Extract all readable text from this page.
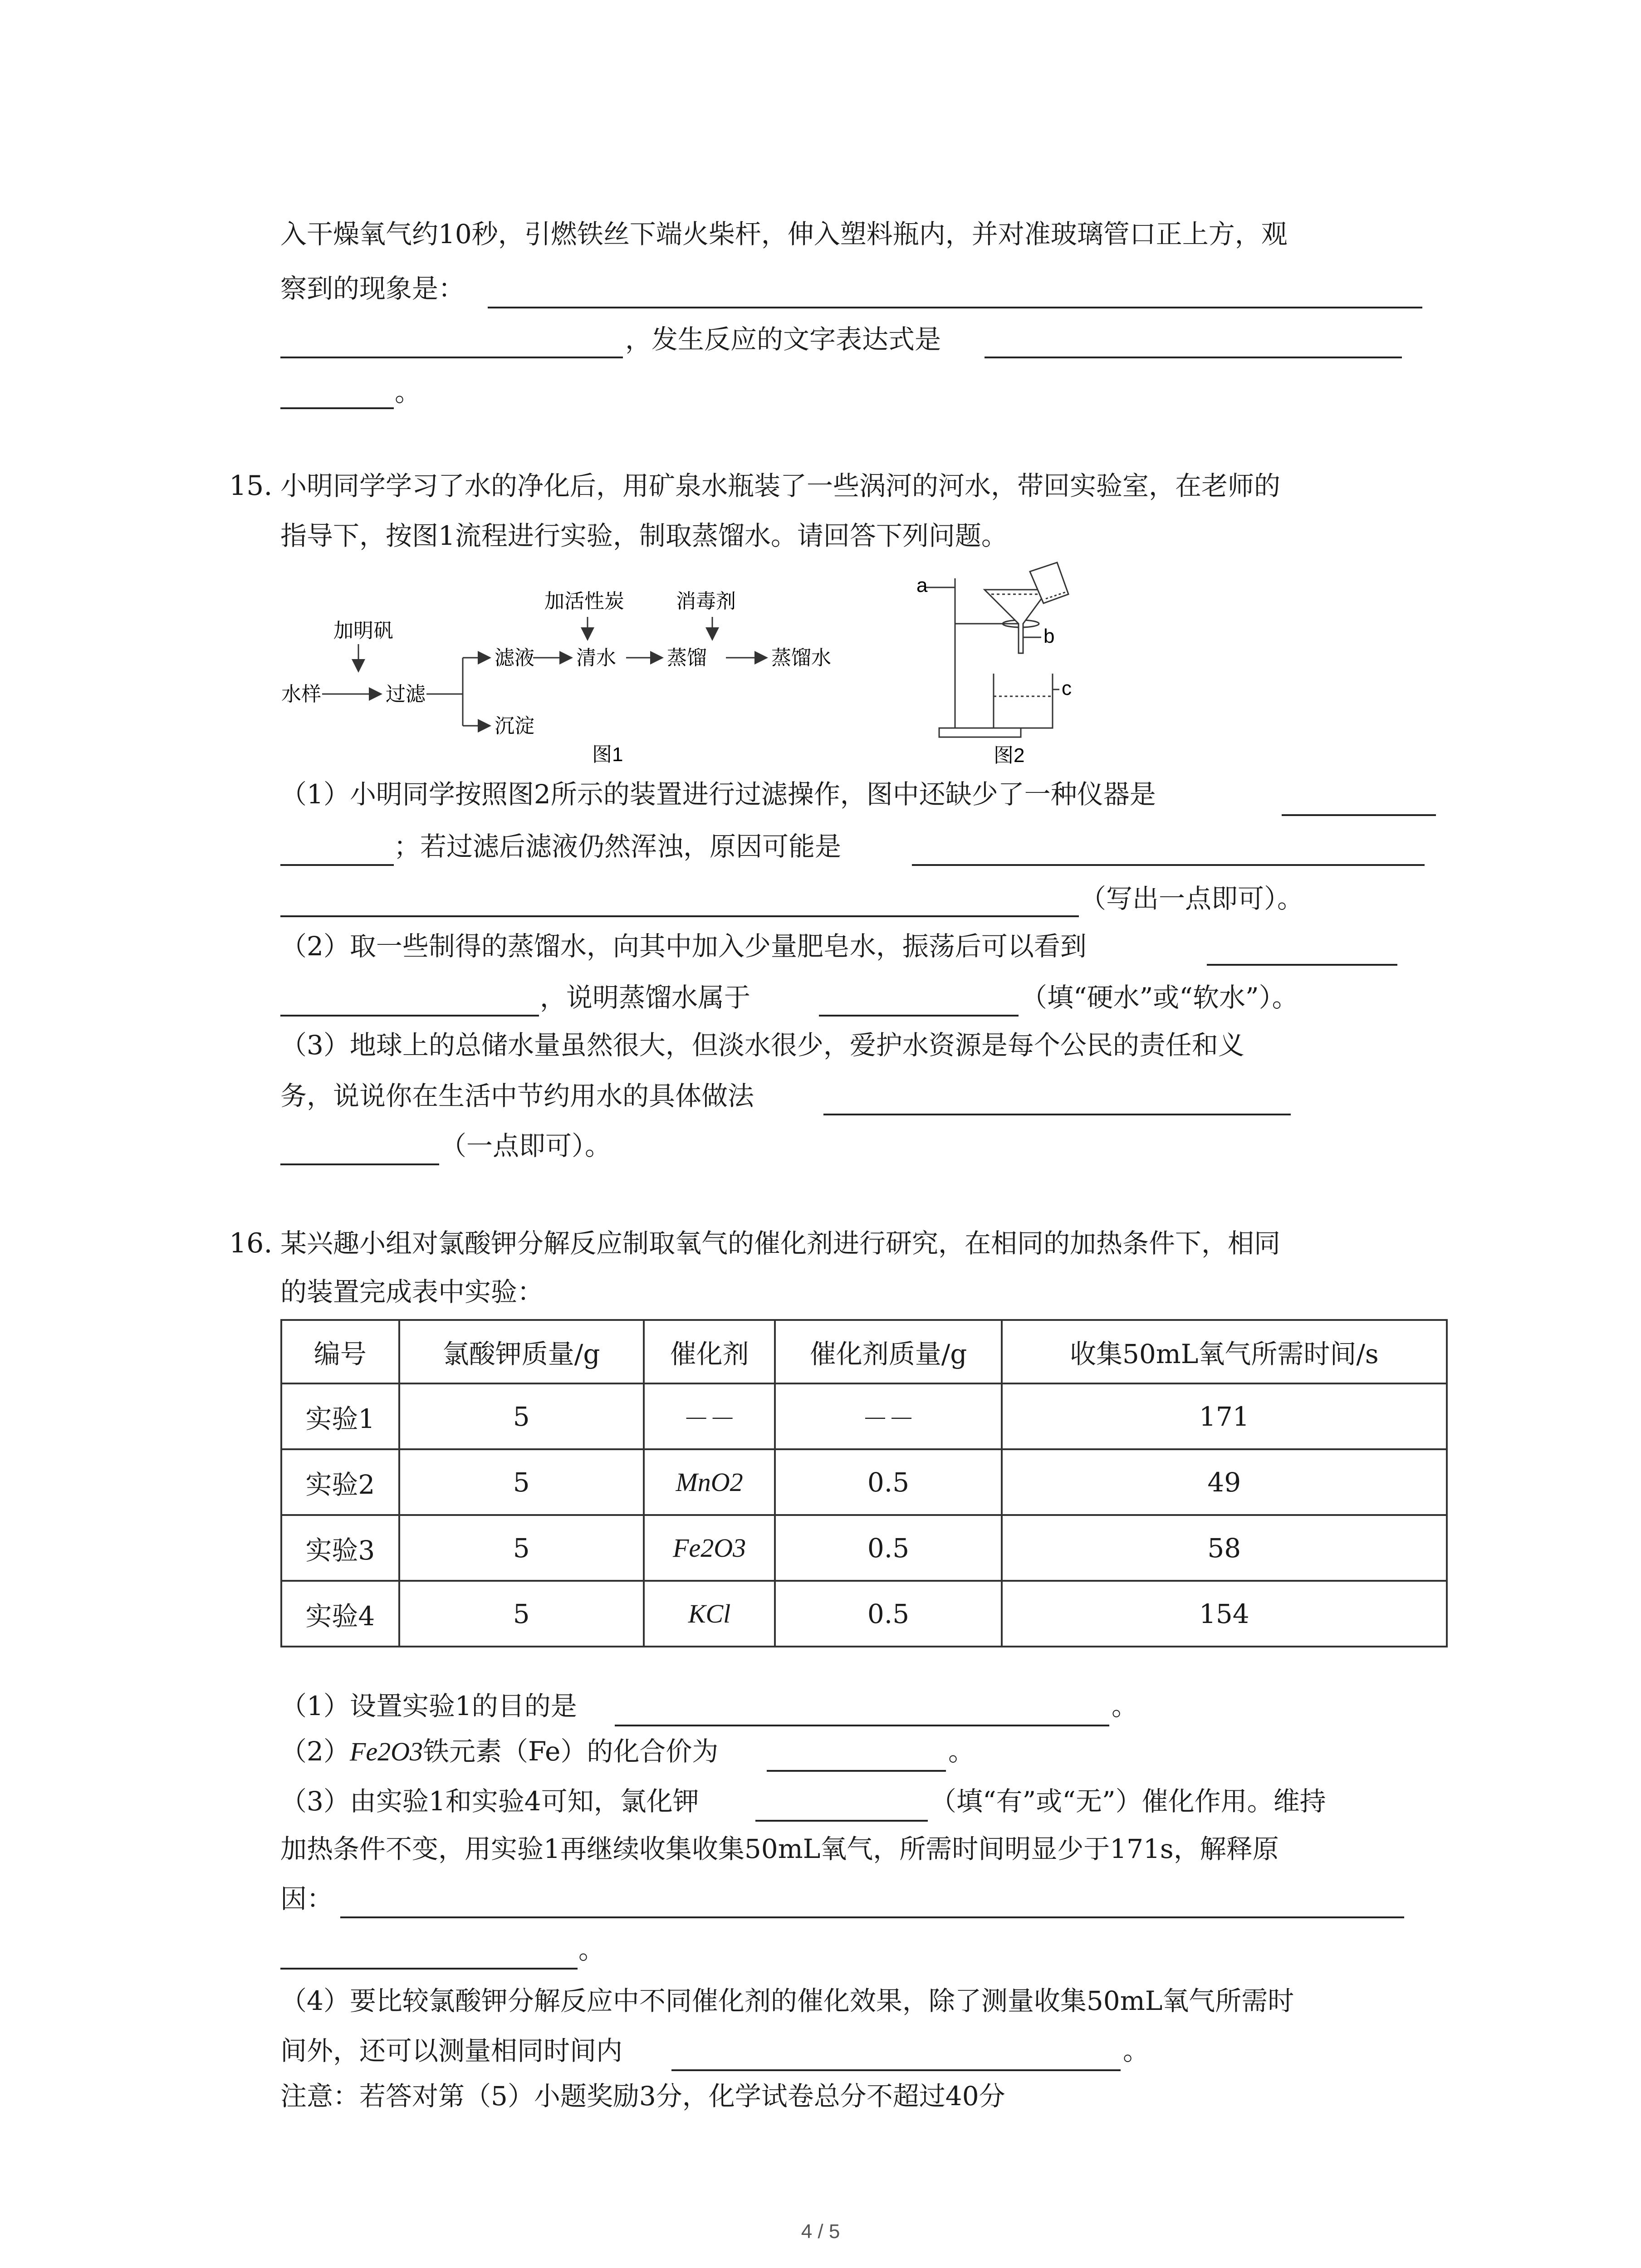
入干燥氧气约10秒，引燃铁丝下端火柴杆，伸入塑料瓶内，并对准玻璃管口正上方，观
察到的现象是：
，发生反应的文字表达式是
。
15. 小明同学学习了水的净化后，用矿泉水瓶装了一些涡河的河水，带回实验室，在老师的
指导下，按图1流程进行实验，制取蒸馏水。请回答下列问题。
加明矾
水样	过滤
滤液
沉淀
加活性炭
清水
消毒剂
蒸馏	蒸馏水
图1
a
b
c
图2
（1）小明同学按照图2所示的装置进行过滤操作，图中还缺少了一种仪器是
；若过滤后滤液仍然浑浊，原因可能是
（写出一点即可）。
（2）取一些制得的蒸馏水，向其中加入少量肥皂水，振荡后可以看到
，说明蒸馏水属于	（填“硬水”或“软水”）。
（3）地球上的总储水量虽然很大，但淡水很少，爱护水资源是每个公民的责任和义
务，说说你在生活中节约用水的具体做法
（一点即可）。
16. 某兴趣小组对氯酸钾分解反应制取氧气的催化剂进行研究，在相同的加热条件下，相同
的装置完成表中实验：
编号	氯酸钾质量/g	催化剂	催化剂质量/g	收集50mL氧气所需时间/s
实验1	5	－－	－－	171
实验2	5	MnO2	0.5	49
实验3	5	Fe2O3	0.5	58
实验4	5	KCl	0.5	154
（1）设置实验1的目的是	。
（2）Fe2O3铁元素（Fe）的化合价为	。
（3）由实验1和实验4可知，氯化钾	（填“有”或“无”）催化作用。维持
加热条件不变，用实验1再继续收集收集50mL氧气，所需时间明显少于171s，解释原
因：
。
（4）要比较氯酸钾分解反应中不同催化剂的催化效果，除了测量收集50mL氧气所需时
间外，还可以测量相同时间内	。
注意：若答对第（5）小题奖励3分，化学试卷总分不超过40分
4 / 5
